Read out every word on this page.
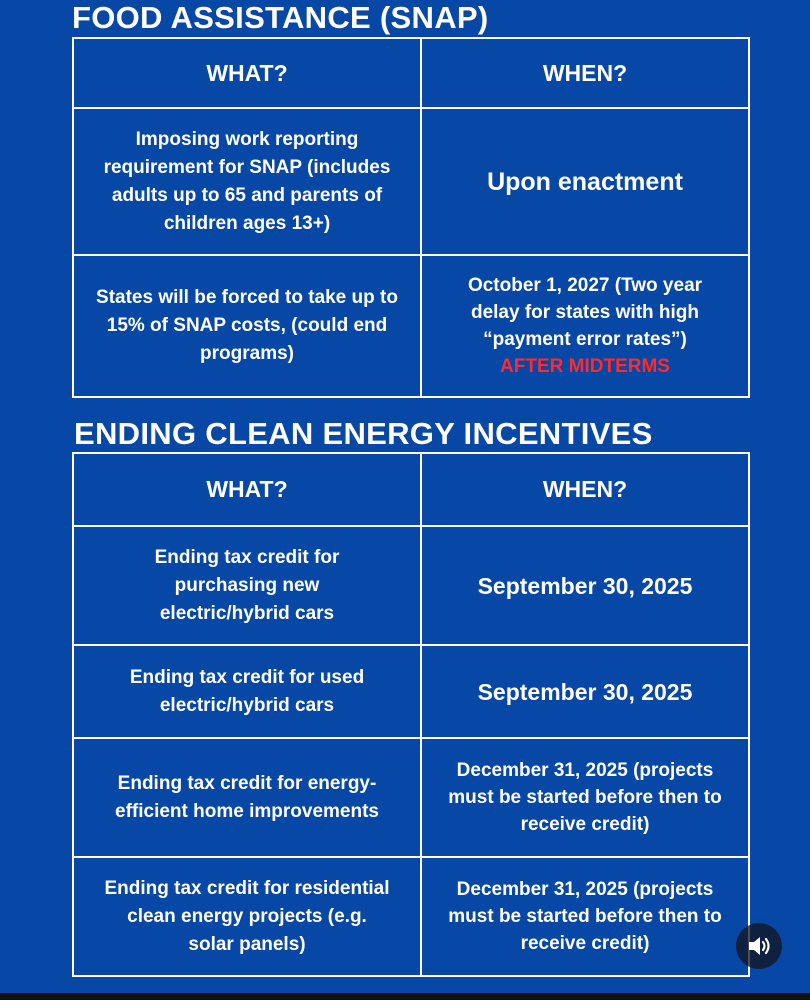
FOOD ASSISTANCE (SNAP)
WHAT?	WHEN?
Imposing work reporting requirement for SNAP (includes adults up to 65 and parents of children ages 13+)	Upon enactment
States will be forced to take up to 15% of SNAP costs, (could end programs)	October 1, 2027 (Two year delay for states with high “payment error rates”)
AFTER MIDTERMS
ENDING CLEAN ENERGY INCENTIVES
WHAT?	WHEN?
Ending tax credit for purchasing new electric/hybrid cars	September 30, 2025
Ending tax credit for used electric/hybrid cars	September 30, 2025
Ending tax credit for energy-efficient home improvements	December 31, 2025 (projects must be started before then to receive credit)
Ending tax credit for residential clean energy projects (e.g. solar panels)	December 31, 2025 (projects must be started before then to receive credit)
